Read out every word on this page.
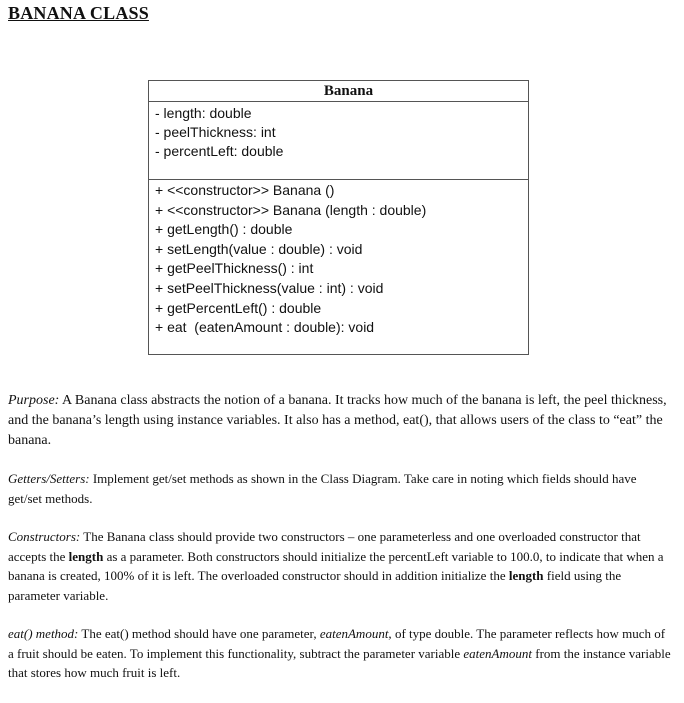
BANANA CLASS
Banana
- length: double
- peelThickness: int
- percentLeft: double
+ <<constructor>> Banana ()
+ <<constructor>> Banana (length : double)
+ getLength() : double
+ setLength(value : double) : void
+ getPeelThickness() : int
+ setPeelThickness(value : int) : void
+ getPercentLeft() : double
+ eat  (eatenAmount : double): void
Purpose: A Banana class abstracts the notion of a banana. It tracks how much of the banana is left, the peel thickness, and the banana’s length using instance variables. It also has a method, eat(), that allows users of the class to “eat” the banana.
Getters/Setters: Implement get/set methods as shown in the Class Diagram. Take care in noting which fields should have get/set methods.
Constructors: The Banana class should provide two constructors – one parameterless and one overloaded constructor that accepts the length as a parameter. Both constructors should initialize the percentLeft variable to 100.0, to indicate that when a banana is created, 100% of it is left. The overloaded constructor should in addition initialize the length field using the parameter variable.
eat() method: The eat() method should have one parameter, eatenAmount, of type double. The parameter reflects how much of a fruit should be eaten. To implement this functionality, subtract the parameter variable eatenAmount from the instance variable that stores how much fruit is left.
